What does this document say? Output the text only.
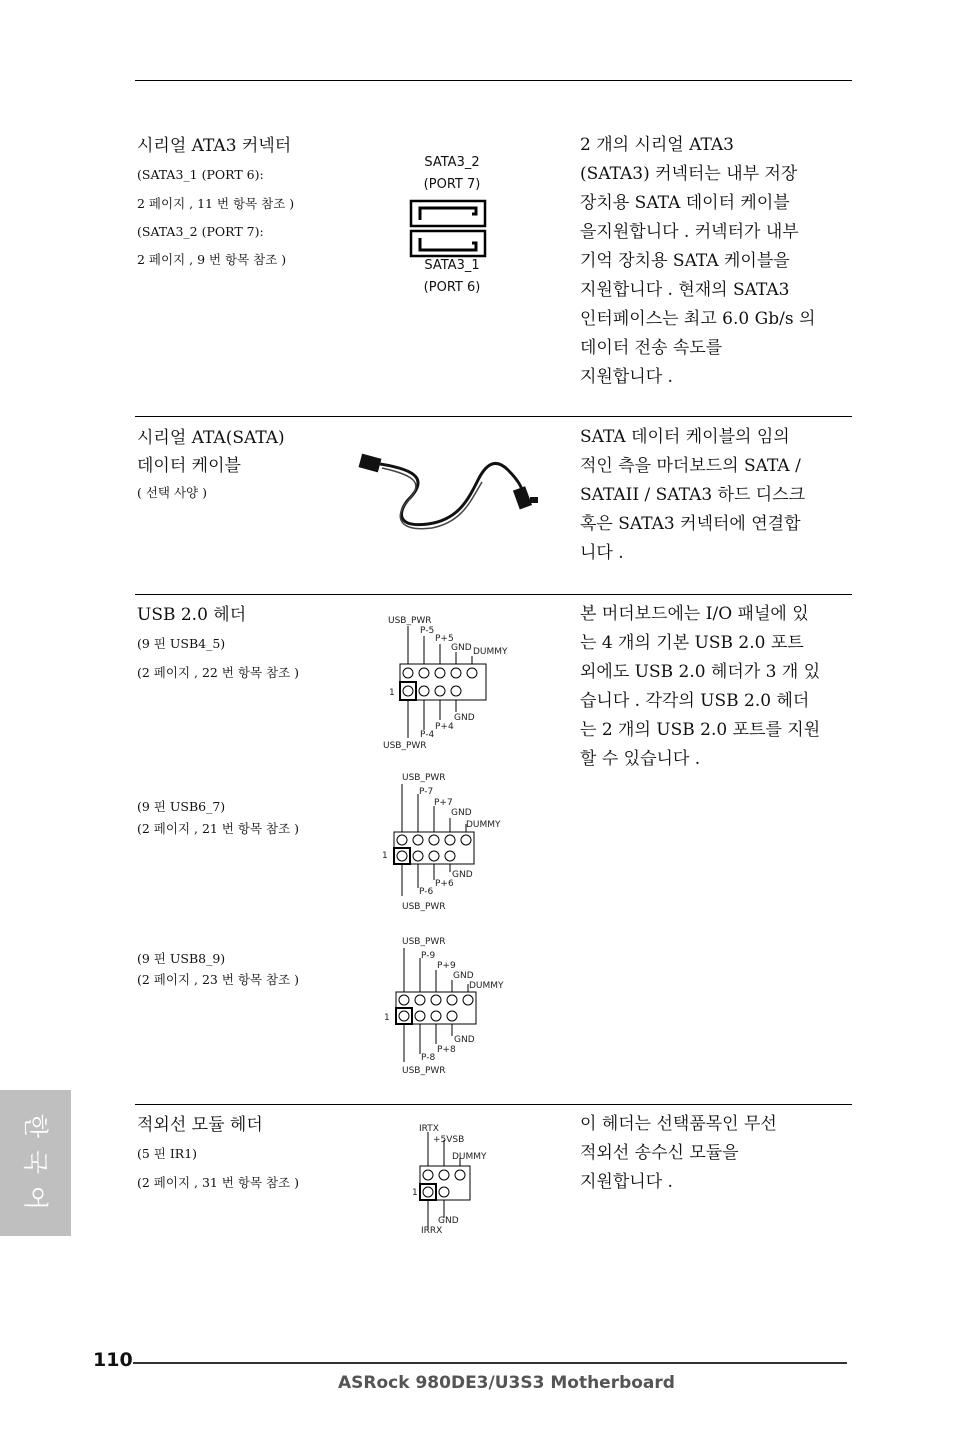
시리얼 ATA3 커넥터
(SATA3_1 (PORT 6):
2 페이지 , 11 번 항목 참조 )
(SATA3_2 (PORT 7):
2 페이지 , 9 번 항목 참조 )
SATA3_2
(PORT 7)
SATA3_1
(PORT 6)
2 개의 시리얼 ATA3
(SATA3) 커넥터는 내부 저장
장치용 SATA 데이터 케이블
을지원합니다 . 커넥터가 내부
기억 장치용 SATA 케이블을
지원합니다 . 현재의 SATA3
인터페이스는 최고 6.0 Gb/s 의
데이터 전송 속도를
지원합니다 .
시리얼 ATA(SATA)
데이터 케이블
( 선택 사양 )
SATA 데이터 케이블의 임의
적인 측을 마더보드의 SATA /
SATAII / SATA3 하드 디스크
혹은 SATA3 커넥터에 연결합
니다 .
USB 2.0 헤더
(9 핀 USB4_5)
(2 페이지 , 22 번 항목 참조 )
USB_PWR
P-5
P+5
GND DUMMY
1
GND
P+4
P-4
USB_PWR
본 머더보드에는 I/O 패널에 있
는 4 개의 기본 USB 2.0 포트
외에도 USB 2.0 헤더가 3 개 있
습니다 . 각각의 USB 2.0 헤더
는 2 개의 USB 2.0 포트를 지원
할 수 있습니다 .
(9 핀 USB6_7)
(2 페이지 , 21 번 항목 참조 )
USB_PWR
P-7
P+7
GND
DUMMY
1
GND
P+6
P-6
USB_PWR
(9 핀 USB8_9)
(2 페이지 , 23 번 항목 참조 )
USB_PWR
P-9
P+9
GND
DUMMY
1
GND
P+8
P-8
USB_PWR
적외선 모듈 헤더
(5 핀 IR1)
(2 페이지 , 31 번 항목 참조 )
IRTX
+5VSB
DUMMY
1
GND
IRRX
이 헤더는 선택품목인 무선
적외선 송수신 모듈을
지원합니다 .
한
국
어
110
ASRock 980DE3/U3S3 Motherboard
